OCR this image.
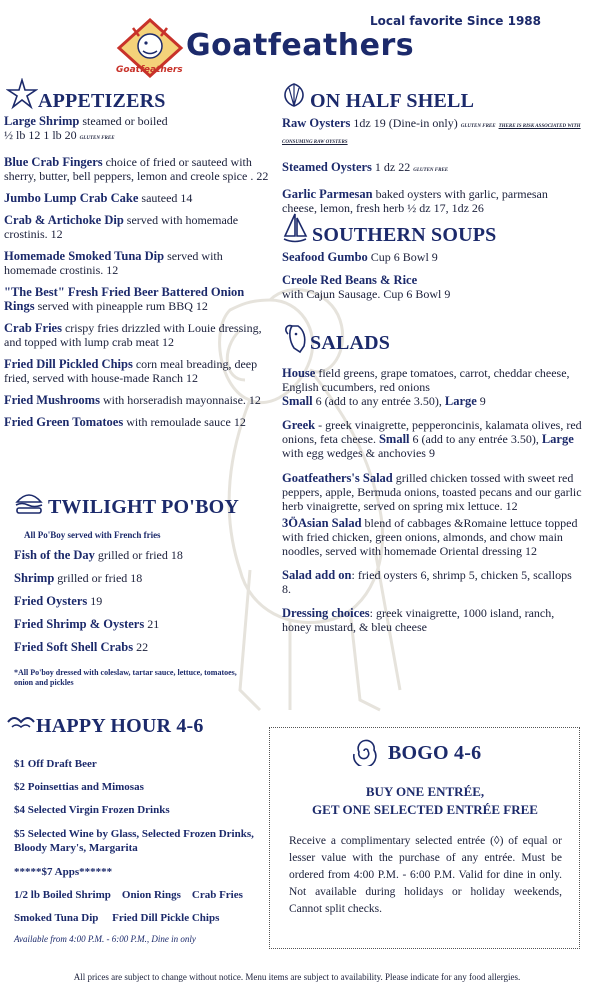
Goatfeathers
Goatfeathers
Local favorite Since 1988
APPETIZERS
Large Shrimp steamed or boiled
½ lb 12 1 lb 20 GLUTEN FREE
Blue Crab Fingers choice of fried or sauteed with sherry, butter, bell peppers, lemon and creole spice . 22
Jumbo Lump Crab Cake sauteed 14
Crab & Artichoke Dip served with homemade crostinis. 12
Homemade Smoked Tuna Dip served with homemade crostinis. 12
"The Best" Fresh Fried Beer Battered Onion Rings served with pineapple rum BBQ 12
Crab Fries crispy fries drizzled with Louie dressing, and topped with lump crab meat 12
Fried Dill Pickled Chips corn meal breading, deep fried, served with house-made Ranch 12
Fried Mushrooms with horseradish mayonnaise. 12
Fried Green Tomatoes with remoulade sauce 12
TWILIGHT PO'BOY
All Po'Boy served with French fries
Fish of the Day grilled or fried 18
Shrimp grilled or fried 18
Fried Oysters 19
Fried Shrimp & Oysters 21
Fried Soft Shell Crabs 22
*All Po'boy dressed with coleslaw, tartar sauce, lettuce, tomatoes, onion and pickles
HAPPY HOUR 4-6
$1 Off Draft Beer
$2 Poinsettias and Mimosas
$4 Selected Virgin Frozen Drinks
$5 Selected Wine by Glass, Selected Frozen Drinks, Bloody Mary's, Margarita
*****$7 Apps******
1/2 lb Boiled Shrimp    Onion Rings    Crab Fries
Smoked Tuna Dip     Fried Dill Pickle Chips
Available from 4:00 P.M. - 6:00 P.M., Dine in only
ON HALF SHELL
Raw Oysters 1dz 19 (Dine-in only) GLUTEN FREE THERE IS RISK ASSOCIATED WITH CONSUMING RAW OYSTERS
Steamed Oysters 1 dz 22 GLUTEN FREE
Garlic Parmesan baked oysters with garlic, parmesan cheese, lemon, fresh herb ½ dz 17, 1dz 26
SOUTHERN SOUPS
Seafood Gumbo Cup 6 Bowl 9
Creole Red Beans & Rice
with Cajun Sausage. Cup 6 Bowl 9
SALADS
House field greens, grape tomatoes, carrot, cheddar cheese, English cucumbers, red onions
Small 6 (add to any entrée 3.50), Large 9
Greek - greek vinaigrette, pepperoncinis, kalamata olives, red onions, feta cheese. Small 6 (add to any entrée 3.50), Large with egg wedges & anchovies 9
Goatfeathers's Salad grilled chicken tossed with sweet red peppers, apple, Bermuda onions, toasted pecans and our garlic herb vinaigrette, served on spring mix lettuce. 12
3ÖAsian Salad blend of cabbages &Romaine lettuce topped with fried chicken, green onions, almonds, and chow main noodles, served with homemade Oriental dressing 12
Salad add on: fried oysters 6, shrimp 5, chicken 5, scallops 8.
Dressing choices: greek vinaigrette, 1000 island, ranch, honey mustard, & bleu cheese
BOGO 4-6
BUY ONE ENTRÉE,
GET ONE SELECTED ENTRÉE FREE
Receive a complimentary selected entrée (◊) of equal or lesser value with the purchase of any entrée. Must be ordered from 4:00 P.M. - 6:00 P.M. Valid for dine in only. Not available during holidays or holiday weekends, Cannot split checks.
All prices are subject to change without notice. Menu items are subject to availability. Please indicate for any food allergies.
